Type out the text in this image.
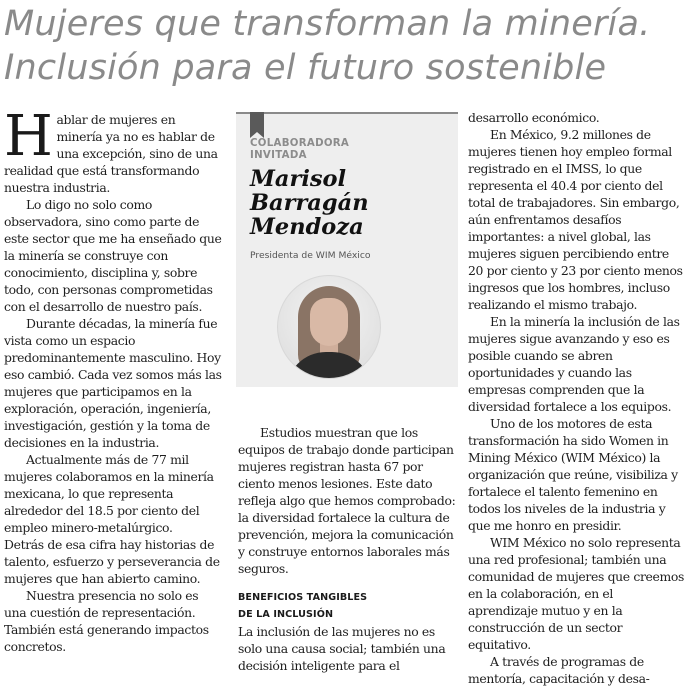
Mujeres que transforman la minería.
Inclusión para el futuro sostenible

Hablar de mujeres en minería ya no es hablar de una excepción, sino de una realidad que está transformando nuestra industria.

Lo digo no solo como observadora, sino como parte de este sector que me ha enseñado que la minería se construye con conocimiento, disciplina y, sobre todo, con personas comprometidas con el desarrollo de nuestro país.

Durante décadas, la minería fue vista como un espacio predominantemente masculino. Hoy eso cambió. Cada vez somos más las mujeres que participamos en la exploración, operación, ingeniería, investigación, gestión y la toma de decisiones en la industria.

Actualmente más de 77 mil mujeres colaboramos en la minería mexicana, lo que representa alrededor del 18.5 por ciento del empleo minero-metalúrgico.

Detrás de esa cifra hay historias de talento, esfuerzo y perseverancia de mujeres que han abierto camino.

Nuestra presencia no solo es una cuestión de representación. También está generando impactos concretos.

COLABORADORA
INVITADA
Marisol
Barragán
Mendoza
Presidenta de WIM México

Estudios muestran que los equipos de trabajo donde participan mujeres registran hasta 67 por ciento menos lesiones. Este dato refleja algo que hemos comprobado: la diversidad fortalece la cultura de prevención, mejora la comunicación y construye entornos laborales más seguros.

BENEFICIOS TANGIBLES
DE LA INCLUSIÓN

La inclusión de las mujeres no es solo una causa social; también una decisión inteligente para el

desarrollo económico.

En México, 9.2 millones de mujeres tienen hoy empleo formal registrado en el IMSS, lo que representa el 40.4 por ciento del total de trabajadores. Sin embargo, aún enfrentamos desafíos importantes: a nivel global, las mujeres siguen percibiendo entre 20 por ciento y 23 por ciento menos ingresos que los hombres, incluso realizando el mismo trabajo.

En la minería la inclusión de las mujeres sigue avanzando y eso es posible cuando se abren oportunidades y cuando las empresas comprenden que la diversidad fortalece a los equipos.

Uno de los motores de esta transformación ha sido Women in Mining México (WIM México) la organización que reúne, visibiliza y fortalece el talento femenino en todos los niveles de la industria y que me honro en presidir.

WIM México no solo representa una red profesional; también una comunidad de mujeres que creemos en la colaboración, en el aprendizaje mutuo y en la construcción de un sector equitativo.

A través de programas de mentoría, capacitación y desa-
